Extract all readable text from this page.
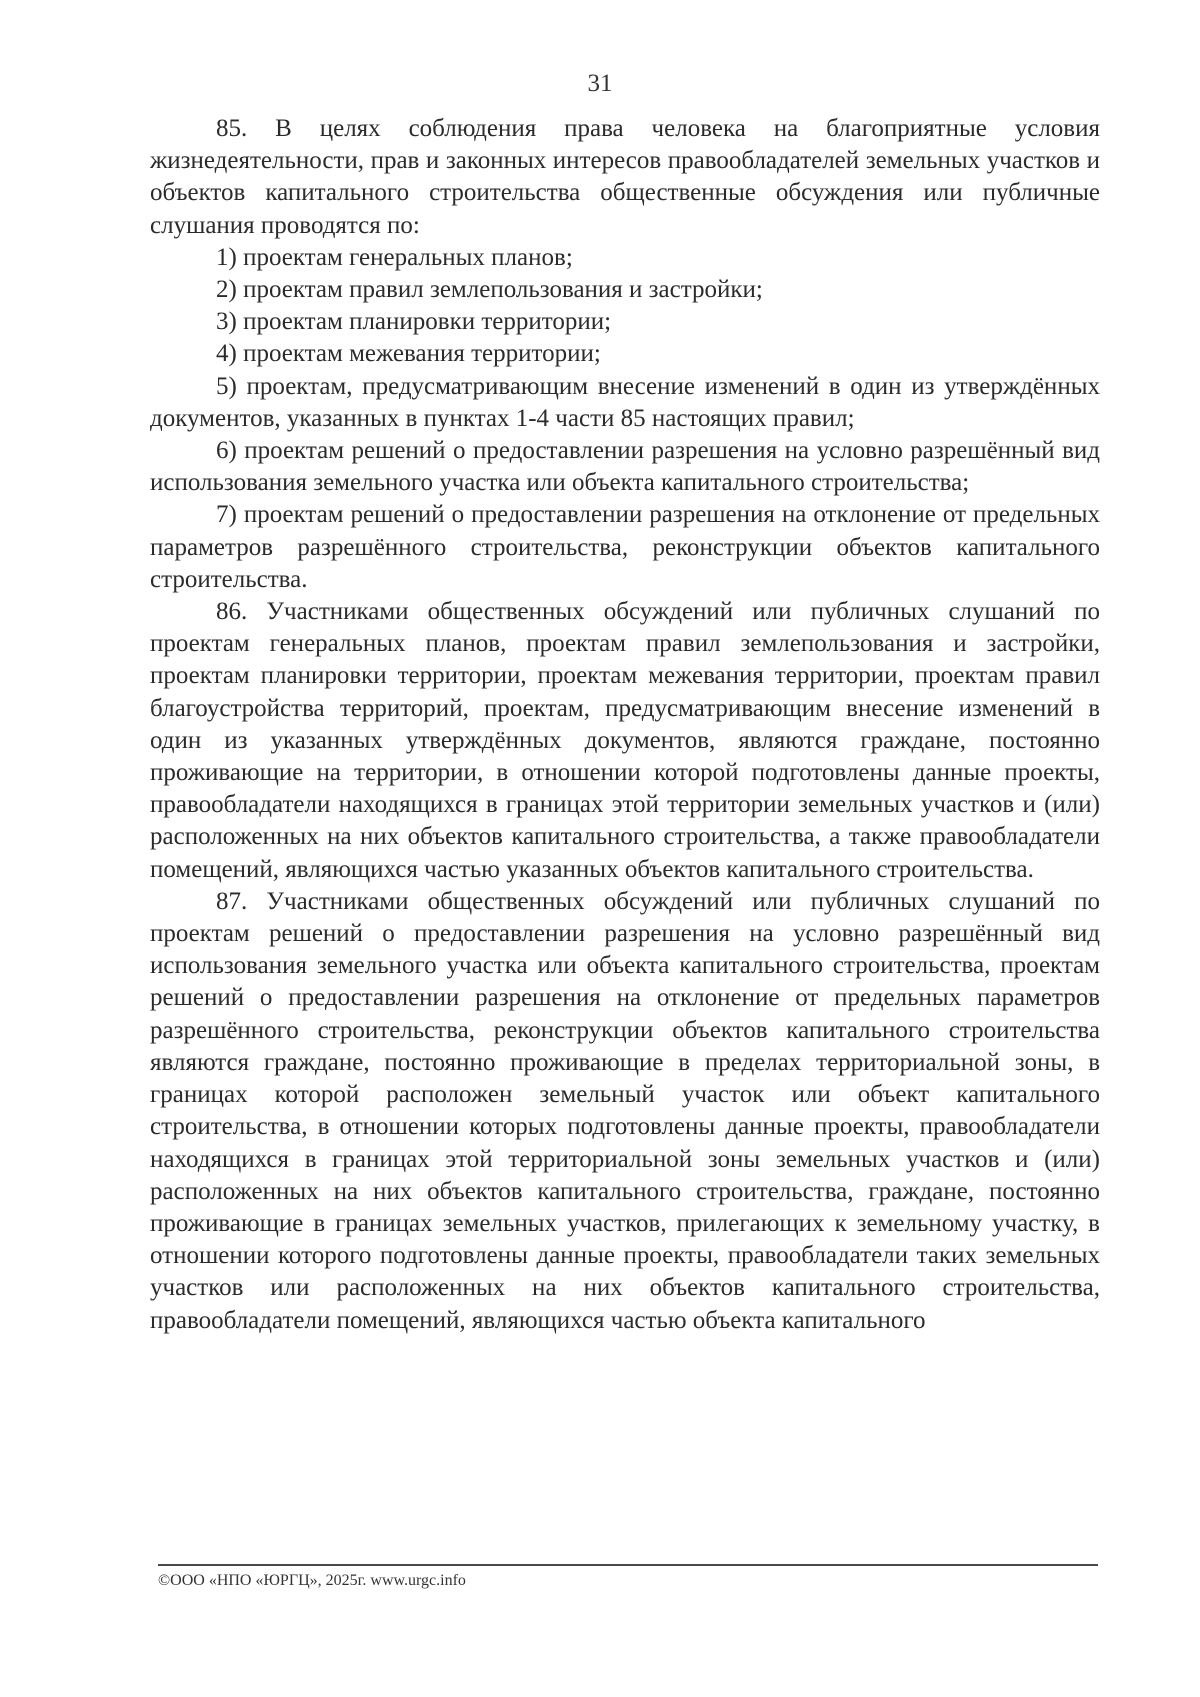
31

85. В целях соблюдения права человека на благоприятные условия жизнедеятельности, прав и законных интересов правообладателей земельных участков и объектов капитального строительства общественные обсуждения или публичные слушания проводятся по:

1) проектам генеральных планов;

2) проектам правил землепользования и застройки;

3) проектам планировки территории;

4) проектам межевания территории;

5) проектам, предусматривающим внесение изменений в один из утверждённых документов, указанных в пунктах 1-4 части 85 настоящих правил;

6) проектам решений о предоставлении разрешения на условно разрешённый вид использования земельного участка или объекта капитального строительства;

7) проектам решений о предоставлении разрешения на отклонение от предельных параметров разрешённого строительства, реконструкции объектов капитального строительства.

86. Участниками общественных обсуждений или публичных слушаний по проектам генеральных планов, проектам правил землепользования и застройки, проектам планировки территории, проектам межевания территории, проектам правил благоустройства территорий, проектам, предусматривающим внесение изменений в один из указанных утверждённых документов, являются граждане, постоянно проживающие на территории, в отношении которой подготовлены данные проекты, правообладатели находящихся в границах этой территории земельных участков и (или) расположенных на них объектов капитального строительства, а также правообладатели помещений, являющихся частью указанных объектов капитального строительства.

87. Участниками общественных обсуждений или публичных слушаний по проектам решений о предоставлении разрешения на условно разрешённый вид использования земельного участка или объекта капитального строительства, проектам решений о предоставлении разрешения на отклонение от предельных параметров разрешённого строительства, реконструкции объектов капитального строительства являются граждане, постоянно проживающие в пределах территориальной зоны, в границах которой расположен земельный участок или объект капитального строительства, в отношении которых подготовлены данные проекты, правообладатели находящихся в границах этой территориальной зоны земельных участков и (или) расположенных на них объектов капитального строительства, граждане, постоянно проживающие в границах земельных участков, прилегающих к земельному участку, в отношении которого подготовлены данные проекты, правообладатели таких земельных участков или расположенных на них объектов капитального строительства, правообладатели помещений, являющихся частью объекта капитального

©ООО «НПО «ЮРГЦ», 2025г. www.urgc.info
